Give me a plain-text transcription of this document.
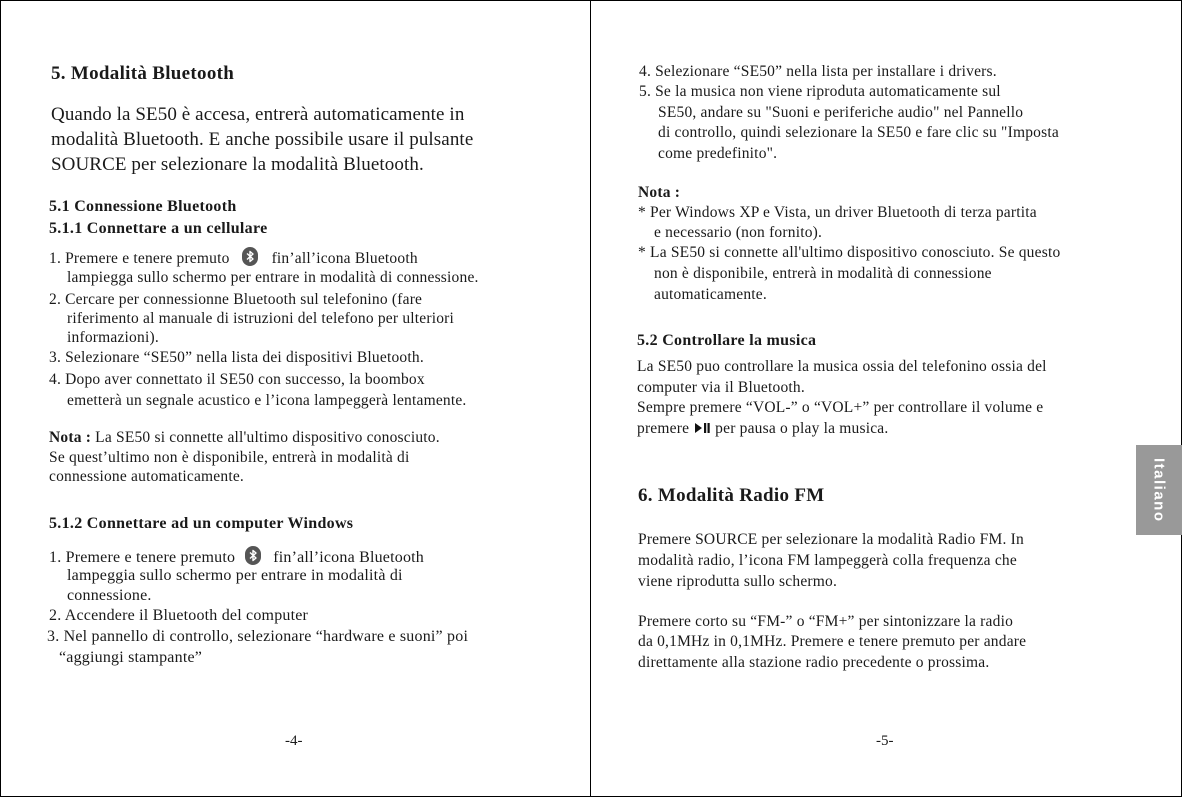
5. Modalità Bluetooth
Quando la SE50 è accesa, entrerà automaticamente in
modalità Bluetooth. E anche possibile usare il pulsante
SOURCE per selezionare la modalità Bluetooth.
5.1 Connessione Bluetooth
5.1.1 Connettare a un cellulare
1. Premere e tenere premuto	fin’all’icona Bluetooth
lampiegga sullo schermo per entrare in modalità di connessione.
2. Cercare per connessionne Bluetooth sul telefonino (fare
riferimento al manuale di istruzioni del telefono per ulteriori
informazioni).
3. Selezionare “SE50” nella lista dei dispositivi Bluetooth.
4. Dopo aver connettato il SE50 con successo, la boombox
emetterà un segnale acustico e l’icona lampeggerà lentamente.
Nota : La SE50 si connette all'ultimo dispositivo conosciuto.
Se quest’ultimo non è disponibile, entrerà in modalità di
connessione automaticamente.
5.1.2 Connettare ad un computer Windows
1. Premere e tenere premuto fin’all’icona Bluetooth
lampeggia sullo schermo per entrare in modalità di
connessione.
2. Accendere il Bluetooth del computer
3. Nel pannello di controllo, selezionare “hardware e suoni” poi
“aggiungi stampante”
-4-
4. Selezionare “SE50” nella lista per installare i drivers.
5. Se la musica non viene riproduta automaticamente sul
SE50, andare su "Suoni e periferiche audio" nel Pannello
di controllo, quindi selezionare la SE50 e fare clic su "Imposta
come predefinito".
Nota :
* Per Windows XP e Vista, un driver Bluetooth di terza partita
e necessario (non fornito).
* La SE50 si connette all'ultimo dispositivo conosciuto. Se questo
non è disponibile, entrerà in modalità di connessione
automaticamente.
5.2 Controllare la musica
La SE50 puo controllare la musica ossia del telefonino ossia del
computer via il Bluetooth.
Sempre premere “VOL-” o “VOL+” per controllare il volume e
premere per pausa o play la musica.
6. Modalità Radio FM
Premere SOURCE per selezionare la modalità Radio FM. In
modalità radio, l’icona FM lampeggerà colla frequenza che
viene riprodutta sullo schermo.
Premere corto su “FM-” o “FM+” per sintonizzare la radio
da 0,1MHz in 0,1MHz. Premere e tenere premuto per andare
direttamente alla stazione radio precedente o prossima.
-5-
Italiano
